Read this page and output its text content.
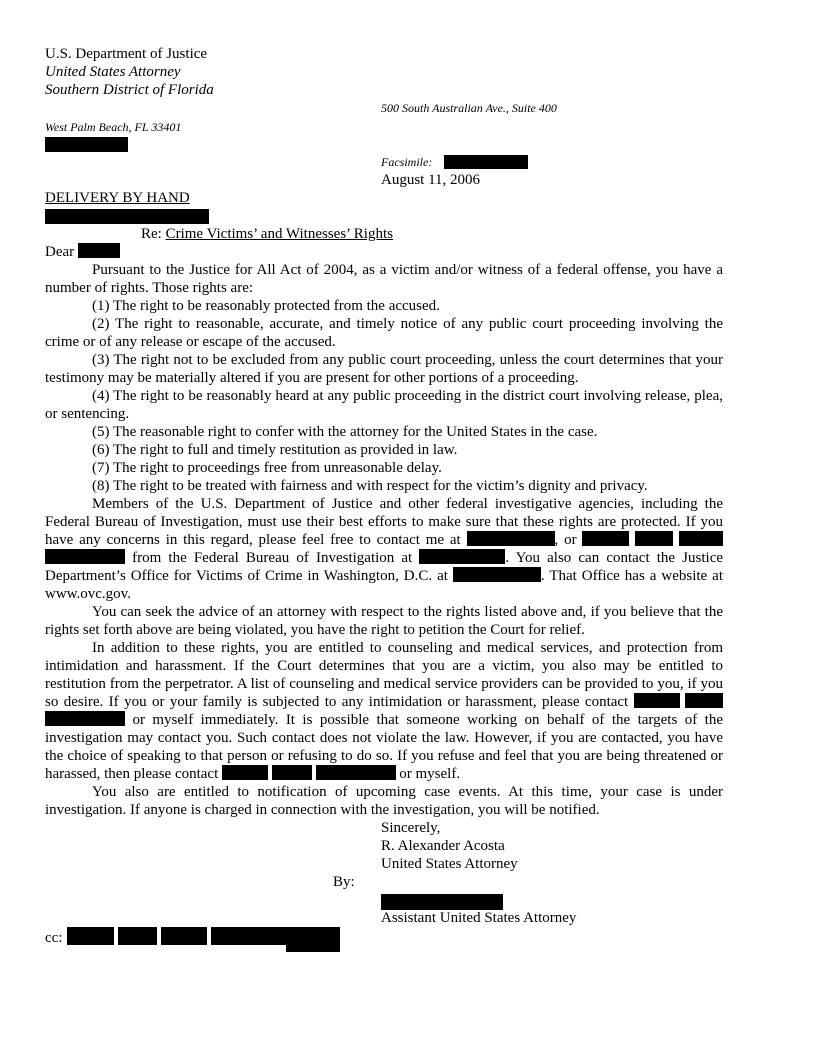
U.S. Department of Justice
United States Attorney
Southern District of Florida
500 South Australian Ave., Suite 400
West Palm Beach, FL 33401
Facsimile:
August 11, 2006
DELIVERY BY HAND
Re: Crime Victims’ and Witnesses’ Rights
Dear

Pursuant to the Justice for All Act of 2004, as a victim and/or witness of a federal offense, you have a number of rights. Those rights are:

(1) The right to be reasonably protected from the accused.

(2) The right to reasonable, accurate, and timely notice of any public court proceeding involving the crime or of any release or escape of the accused.

(3) The right not to be excluded from any public court proceeding, unless the court determines that your testimony may be materially altered if you are present for other portions of a proceeding.

(4) The right to be reasonably heard at any public proceeding in the district court involving release, plea, or sentencing.

(5) The reasonable right to confer with the attorney for the United States in the case.

(6) The right to full and timely restitution as provided in law.

(7) The right to proceedings free from unreasonable delay.

(8) The right to be treated with fairness and with respect for the victim’s dignity and privacy.

Members of the U.S. Department of Justice and other federal investigative agencies, including the Federal Bureau of Investigation, must use their best efforts to make sure that these rights are protected. If you have any concerns in this regard, please feel free to contact me at	, or     from the Federal Bureau of Investigation at	. You also can contact the Justice Department’s Office for Victims of Crime in Washington, D.C. at	. That Office has a website at www.ovc.gov.

You can seek the advice of an attorney with respect to the rights listed above and, if you believe that the rights set forth above are being violated, you have the right to petition the Court for relief.

In addition to these rights, you are entitled to counseling and medical services, and protection from intimidation and harassment. If the Court determines that you are a victim, you also may be entitled to restitution from the perpetrator. A list of counseling and medical service providers can be provided to you, if you so desire. If you or your family is subjected to any intimidation or harassment, please contact    or myself immediately. It is possible that someone working on behalf of the targets of the investigation may contact you. Such contact does not violate the law. However, if you are contacted, you have the choice of speaking to that person or refusing to do so. If you refuse and feel that you are being threatened or harassed, then please contact	or myself.

You also are entitled to notification of upcoming case events. At this time, your case is under investigation. If anyone is charged in connection with the investigation, you will be notified.

Sincerely,
R. Alexander Acosta
United States Attorney
By:
Assistant United States Attorney
cc:
